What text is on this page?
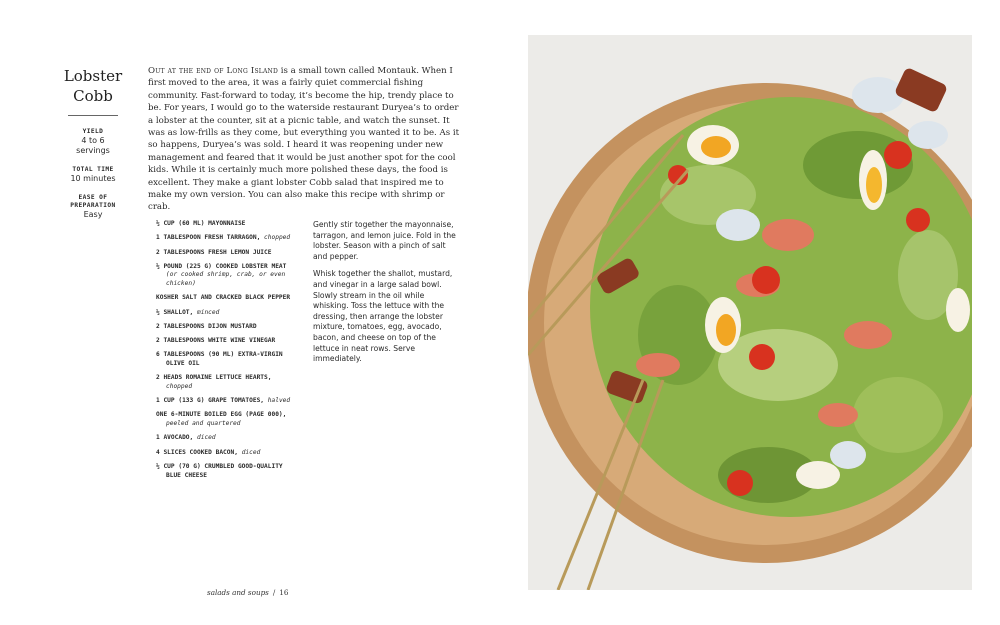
Lobster
Cobb
YIELD
4 to 6
servings
TOTAL TIME
10 minutes
EASE OF
PREPARATION
Easy
Out at the end of Long Island is a small town called Montauk. When I first moved to the area, it was a fairly quiet commercial fishing community. Fast-forward to today, it’s become the hip, trendy place to be. For years, I would go to the waterside restaurant Duryea’s to order a lobster at the counter, sit at a picnic table, and watch the sunset. It was as low-frills as they come, but everything you wanted it to be. As it so happens, Duryea’s was sold. I heard it was reopening under new management and feared that it would be just another spot for the cool kids. While it is certainly much more polished these days, the food is excellent. They make a giant lobster Cobb salad that inspired me to make my own version. You can also make this recipe with shrimp or crab.
½ CUP (60 ML) MAYONNAISE
1 TABLESPOON FRESH TARRAGON, chopped
2 TABLESPOONS FRESH LEMON JUICE
½ POUND (225 G) COOKED LOBSTER MEAT (or cooked shrimp, crab, or even chicken)
KOSHER SALT AND CRACKED BLACK PEPPER
½ SHALLOT, minced
2 TABLESPOONS DIJON MUSTARD
2 TABLESPOONS WHITE WINE VINEGAR
6 TABLESPOONS (90 ML) EXTRA-VIRGIN OLIVE OIL
2 HEADS ROMAINE LETTUCE HEARTS, chopped
1 CUP (133 G) GRAPE TOMATOES, halved
ONE 6-MINUTE BOILED EGG (PAGE 000), peeled and quartered
1 AVOCADO, diced
4 SLICES COOKED BACON, diced
½ CUP (70 G) CRUMBLED GOOD-QUALITY BLUE CHEESE

Gently stir together the mayonnaise, tarragon, and lemon juice. Fold in the lobster. Season with a pinch of salt and pepper.

Whisk together the shallot, mustard, and vinegar in a large salad bowl. Slowly stream in the oil while whisking. Toss the lettuce with the dressing, then arrange the lobster mixture, tomatoes, egg, avocado, bacon, and cheese on top of the lettuce in neat rows. Serve immediately.

salads and soups / 16
